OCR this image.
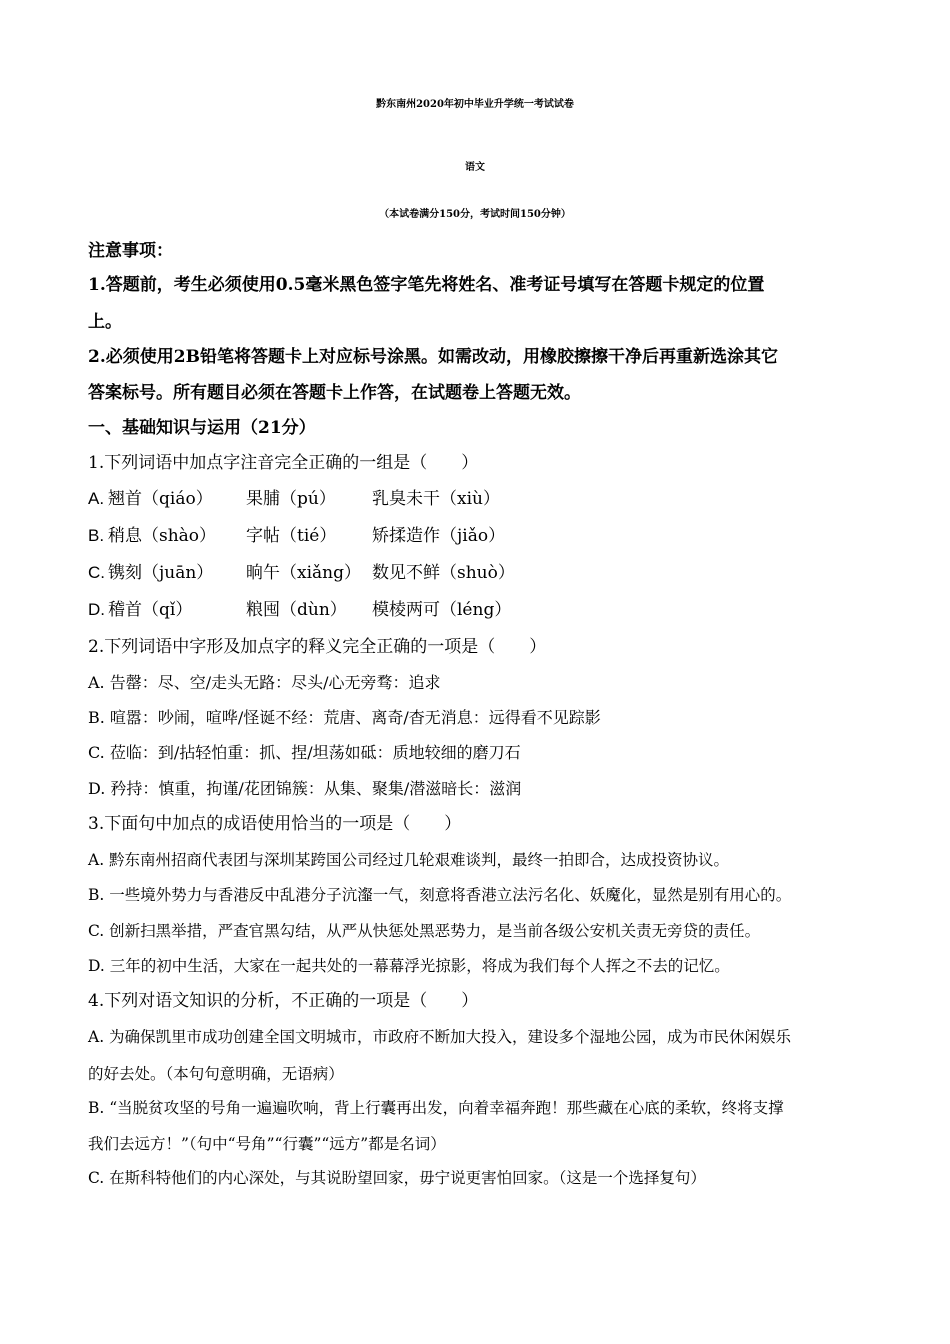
黔东南州2020年初中毕业升学统一考试试卷
语文
（本试卷满分150分，考试时间150分钟）
注意事项：
1.答题前，考生必须使用0.5毫米黑色签字笔先将姓名、准考证号填写在答题卡规定的位置
上。
2.必须使用2B铅笔将答题卡上对应标号涂黑。如需改动，用橡胶擦擦干净后再重新选涂其它
答案标号。所有题目必须在答题卡上作答，在试题卷上答题无效。
一、基础知识与运用（21分）
1.下列词语中加点字注音完全正确的一组是（　　）
A. 翘首（qiáo） 果脯（pú） 乳臭未干（xiù）
B. 稍息（shào） 字帖（tié） 矫揉造作（jiǎo）
C. 镌刻（juān） 晌午（xiǎng） 数见不鲜（shuò）
D. 稽首（qǐ）	粮囤（dùn） 模棱两可（léng）
2.下列词语中字形及加点字的释义完全正确的一项是（　　）
A. 告罄：尽、空/走头无路：尽头/心无旁骛：追求
B. 喧嚣：吵闹，喧哗/怪诞不经：荒唐、离奇/杳无消息：远得看不见踪影
C. 莅临：到/拈轻怕重：抓、捏/坦荡如砥：质地较细的磨刀石
D. 矜持：慎重，拘谨/花团锦簇：从集、聚集/潜滋暗长：滋润
3.下面句中加点的成语使用恰当的一项是（　　）
A. 黔东南州招商代表团与深圳某跨国公司经过几轮艰难谈判，最终一拍即合，达成投资协议。
B. 一些境外势力与香港反中乱港分子沆瀣一气，刻意将香港立法污名化、妖魔化，显然是别有用心的。
C. 创新扫黑举措，严查官黑勾结，从严从快惩处黑恶势力，是当前各级公安机关责无旁贷的责任。
D. 三年的初中生活，大家在一起共处的一幕幕浮光掠影，将成为我们每个人挥之不去的记忆。
4.下列对语文知识的分析，不正确的一项是（　　）
A. 为确保凯里市成功创建全国文明城市，市政府不断加大投入，建设多个湿地公园，成为市民休闲娱乐
的好去处。（本句句意明确，无语病）
B. “当脱贫攻坚的号角一遍遍吹响，背上行囊再出发，向着幸福奔跑！那些藏在心底的柔软，终将支撑
我们去远方！”（句中“号角”“行囊”“远方”都是名词）
C. 在斯科特他们的内心深处，与其说盼望回家，毋宁说更害怕回家。（这是一个选择复句）
